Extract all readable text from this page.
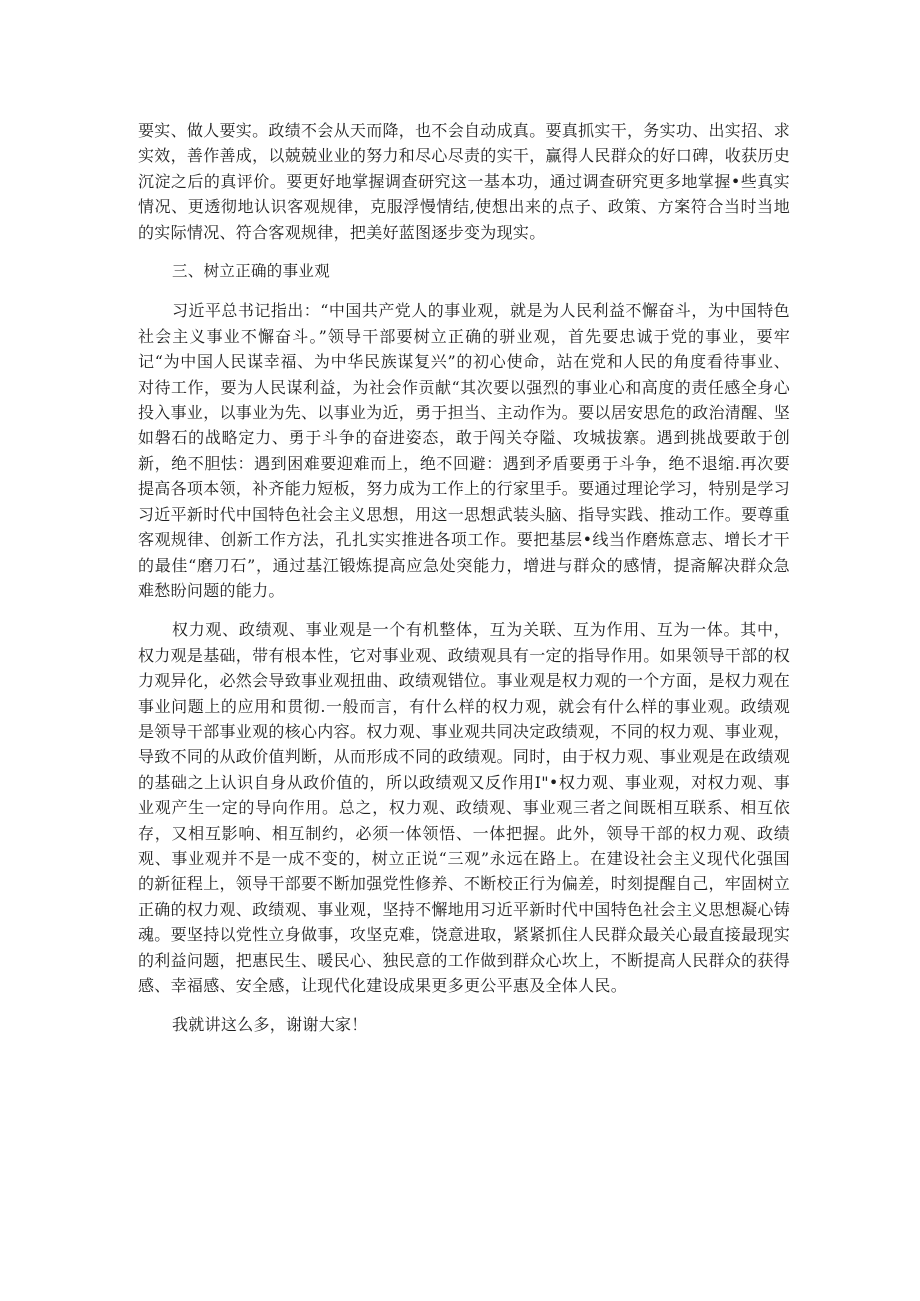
要实、做人要实。政绩不会从天而降，也不会自动成真。要真抓实干，务实功、出实招、求实效，善作善成，以兢兢业业的努力和尽心尽责的实干，赢得人民群众的好口碑，收获历史沉淀之后的真评价。要更好地掌握调查研究这一基本功，通过调查研究更多地掌握•些真实情况、更透彻地认识客观规律，克服浮慢情结,使想出来的点子、政策、方案符合当时当地的实际情况、符合客观规律，把美好蓝图逐步变为现实。

三、树立正确的事业观

习近平总书记指出：“中国共产党人的事业观，就是为人民利益不懈奋斗，为中国特色社会主义事业不懈奋斗。”领导干部要树立正确的骈业观，首先要忠诚于党的事业，要牢记“为中国人民谋幸福、为中华民族谋复兴”的初心使命，站在党和人民的角度看待事业、对待工作，要为人民谋利益，为社会作贡献“其次要以强烈的事业心和高度的责任感全身心投入事业，以事业为先、以事业为近，勇于担当、主动作为。要以居安思危的政治清醒、坚如磐石的战略定力、勇于斗争的奋进姿态，敢于闯关夺隘、攻城拔寨。遇到挑战要敢于创新，绝不胆怯：遇到困难要迎难而上，绝不回避：遇到矛盾要勇于斗争，绝不退缩.再次要提高各项本领，补齐能力短板，努力成为工作上的行家里手。要通过理论学习，特别是学习习近平新时代中国特色社会主义思想，用这一思想武装头脑、指导实践、推动工作。要尊重客观规律、创新工作方法，孔扎实实推进各项工作。要把基层•线当作磨炼意志、增长才干的最佳“磨刀石”，通过基江锻炼提高应急处突能力，增进与群众的感情，提斋解决群众急难愁盼问题的能力。

权力观、政绩观、事业观是一个有机整体，互为关联、互为作用、互为一体。其中，权力观是基础，带有根本性，它对事业观、政绩观具有一定的指导作用。如果领导干部的权力观异化，必然会导致事业观扭曲、政绩观错位。事业观是权力观的一个方面，是权力观在事业问题上的应用和贯彻.一般而言，有什么样的权力观，就会有什么样的事业观。政绩观是领导干部事业观的核心内容。权力观、事业观共同决定政绩观，不同的权力观、事业观，导致不同的从政价值判断，从而形成不同的政绩观。同时，由于权力观、事业观是在政绩观的基础之上认识自身从政价值的，所以政绩观又反作用I"•权力观、事业观，对权力观、事业观产生一定的导向作用。总之，权力观、政绩观、事业观三者之间既相互联系、相互依存，又相互影响、相互制约，必须一体领悟、一体把握。此外，领导干部的权力观、政绩观、事业观并不是一成不变的，树立正说“三观”永远在路上。在建设社会主义现代化强国的新征程上，领导干部要不断加强党性修养、不断校正行为偏差，时刻提醒自己，牢固树立正确的权力观、政绩观、事业观，坚持不懈地用习近平新时代中国特色社会主义思想凝心铸魂。要坚持以党性立身做事，攻坚克难，饶意进取，紧紧抓住人民群众最关心最直接最现实的利益问题，把惠民生、暖民心、独民意的工作做到群众心坎上，不断提高人民群众的获得感、幸福感、安全感，让现代化建设成果更多更公平惠及全体人民。

我就讲这么多，谢谢大家！
